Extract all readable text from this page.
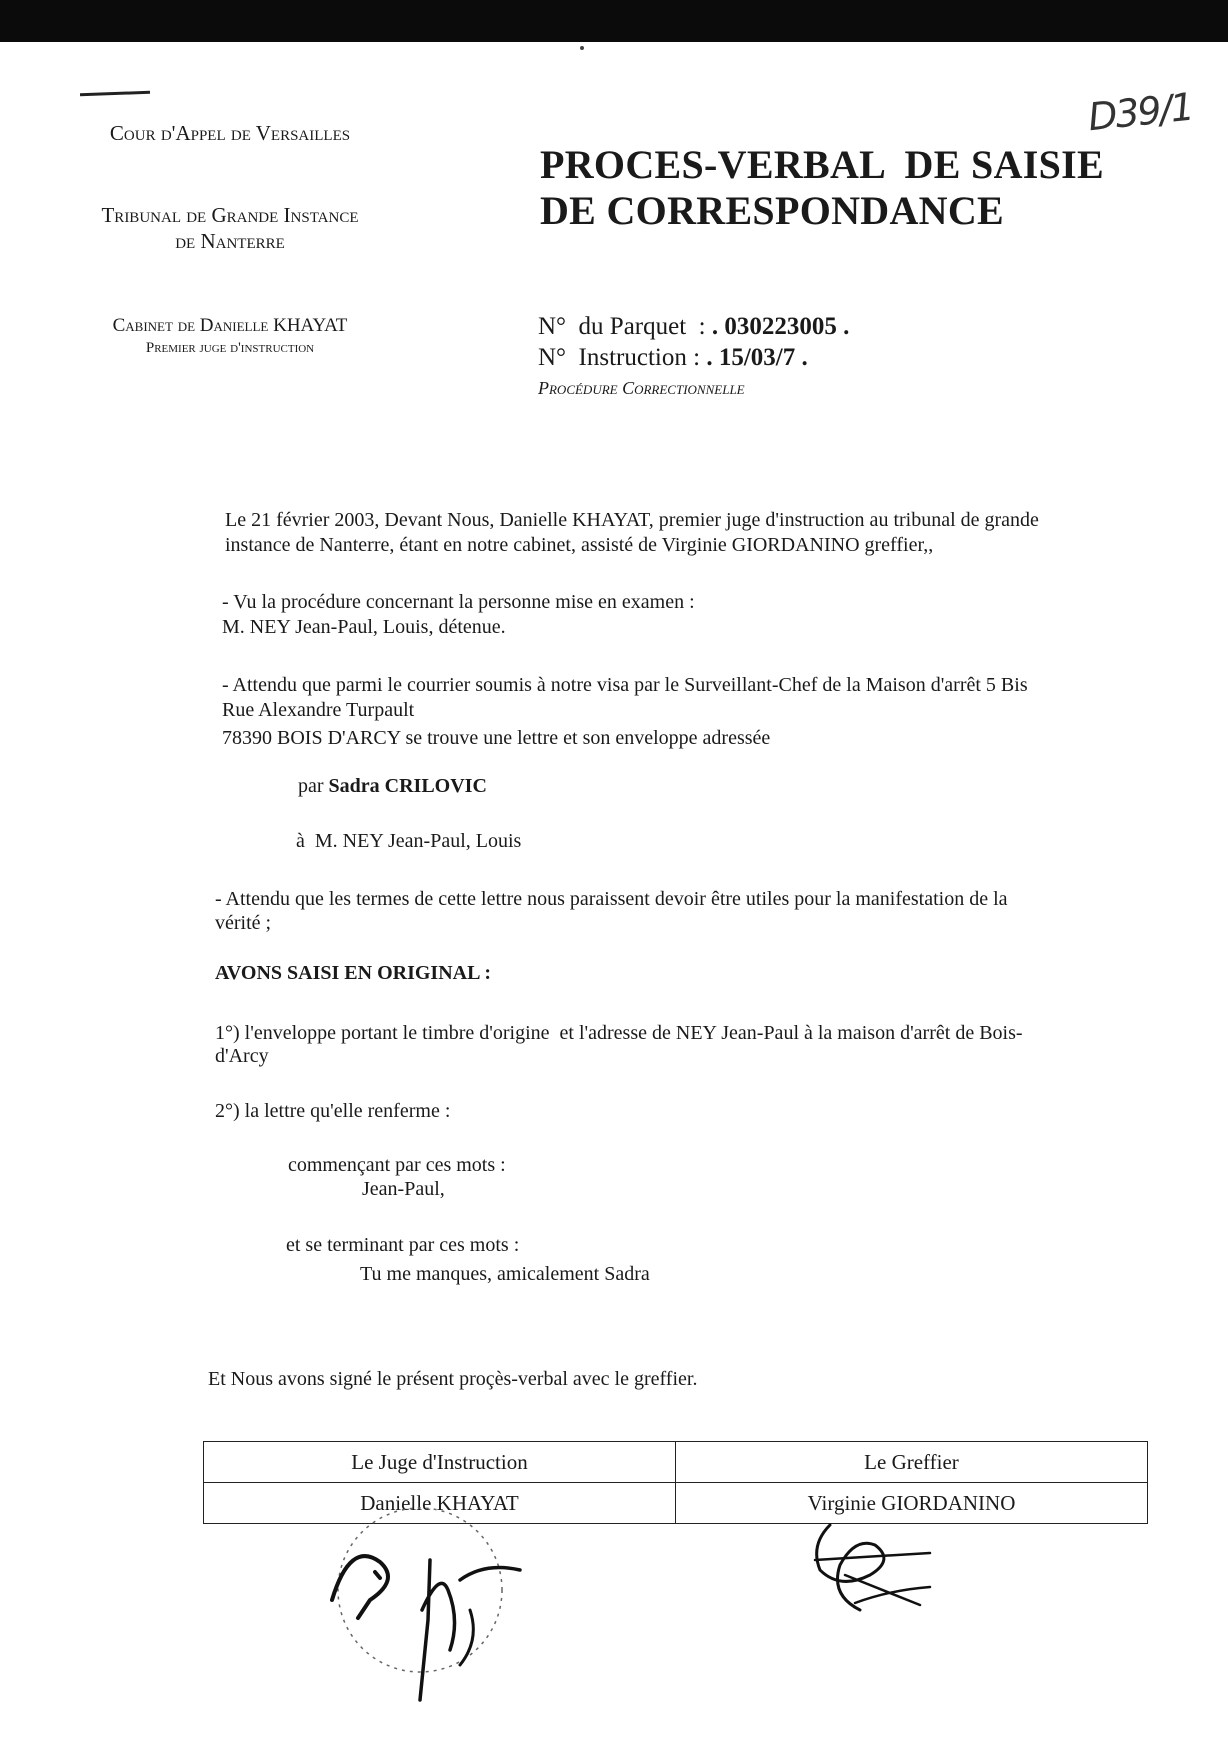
D39/1
Cour d'Appel de Versailles
Tribunal de Grande Instance
de Nanterre
Cabinet de Danielle KHAYAT
Premier juge d'instruction
PROCES-VERBAL  DE SAISIE
DE CORRESPONDANCE
N°  du Parquet  : . 030223005 .
N°  Instruction : . 15/03/7 .
Procédure Correctionnelle
Le 21 février 2003, Devant Nous, Danielle KHAYAT, premier juge d'instruction au tribunal de grande
instance de Nanterre, étant en notre cabinet, assisté de Virginie GIORDANINO greffier,,
- Vu la procédure concernant la personne mise en examen :
M. NEY Jean-Paul, Louis, détenue.
- Attendu que parmi le courrier soumis à notre visa par le Surveillant-Chef de la Maison d'arrêt 5 Bis
Rue Alexandre Turpault
78390 BOIS D'ARCY se trouve une lettre et son enveloppe adressée
par Sadra CRILOVIC
à  M. NEY Jean-Paul, Louis
- Attendu que les termes de cette lettre nous paraissent devoir être utiles pour la manifestation de la
vérité ;
AVONS SAISI EN ORIGINAL :
1°) l'enveloppe portant le timbre d'origine  et l'adresse de NEY Jean-Paul à la maison d'arrêt de Bois-
d'Arcy
2°) la lettre qu'elle renferme :
commençant par ces mots :
Jean-Paul,
et se terminant par ces mots :
Tu me manques, amicalement Sadra
Et Nous avons signé le présent proçès-verbal avec le greffier.
Le Juge d'Instruction	Le Greffier
Danielle KHAYAT	Virginie GIORDANINO
